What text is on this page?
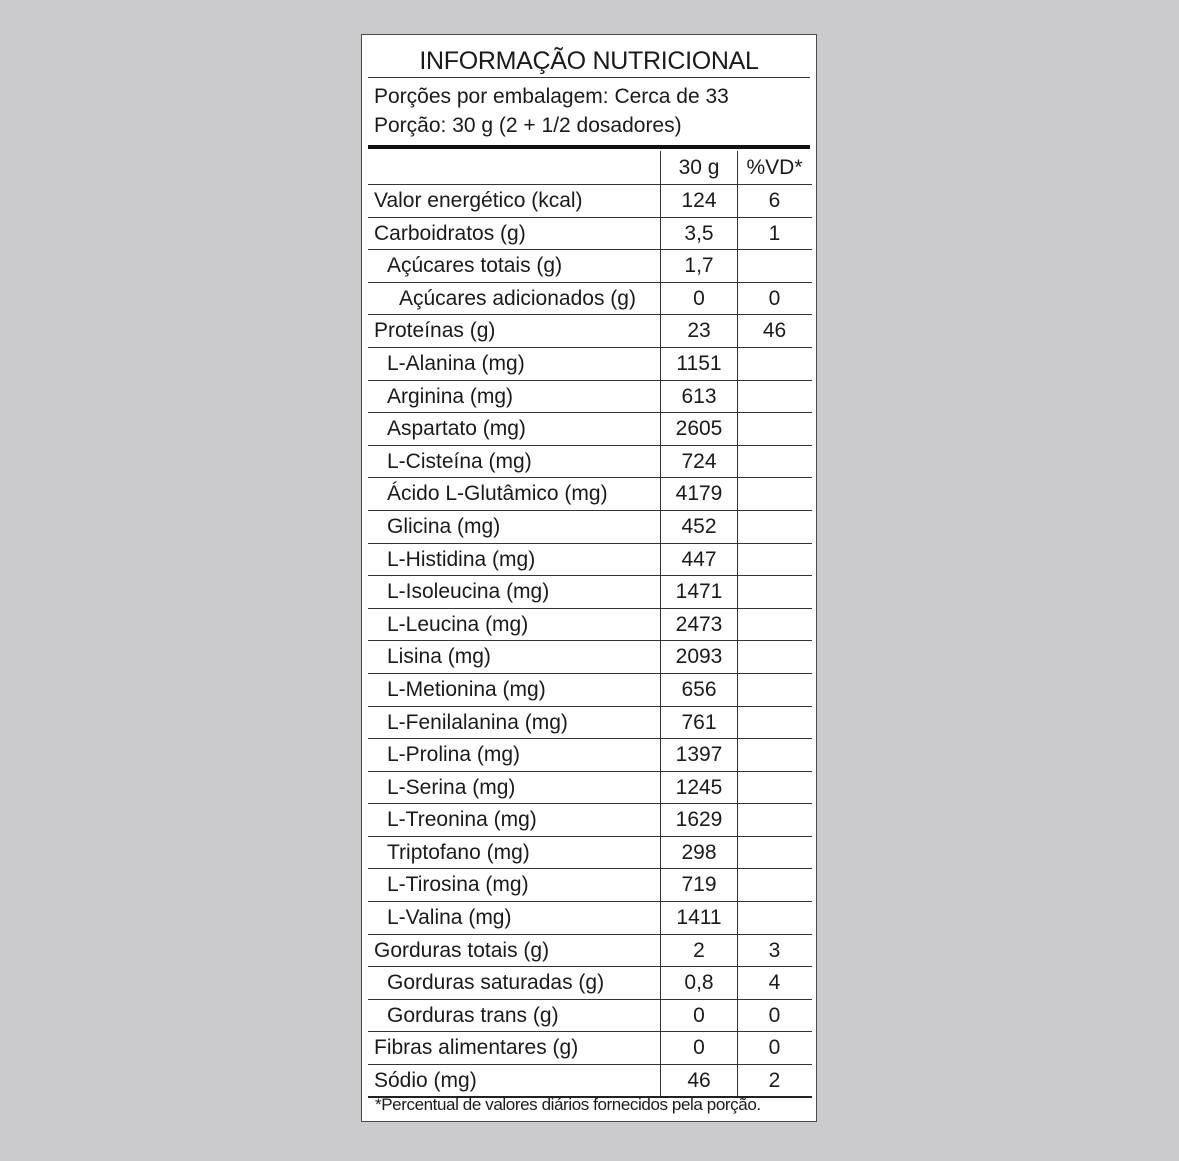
INFORMAÇÃO NUTRICIONAL
Porções por embalagem: Cerca de 33
Porção: 30 g (2 + 1/2 dosadores)
30 g	%VD*
Valor energético (kcal)	124	6
Carboidratos (g)	3,5	1
Açúcares totais (g)	1,7
Açúcares adicionados (g)	0	0
Proteínas (g)	23	46
L-Alanina (mg)	1151
Arginina (mg)	613
Aspartato (mg)	2605
L-Cisteína (mg)	724
Ácido L-Glutâmico (mg)	4179
Glicina (mg)	452
L-Histidina (mg)	447
L-Isoleucina (mg)	1471
L-Leucina (mg)	2473
Lisina (mg)	2093
L-Metionina (mg)	656
L-Fenilalanina (mg)	761
L-Prolina (mg)	1397
L-Serina (mg)	1245
L-Treonina (mg)	1629
Triptofano (mg)	298
L-Tirosina (mg)	719
L-Valina (mg)	1411
Gorduras totais (g)	2	3
Gorduras saturadas (g)	0,8	4
Gorduras trans (g)	0	0
Fibras alimentares (g)	0	0
Sódio (mg)	46	2
*Percentual de valores diários fornecidos pela porção.
